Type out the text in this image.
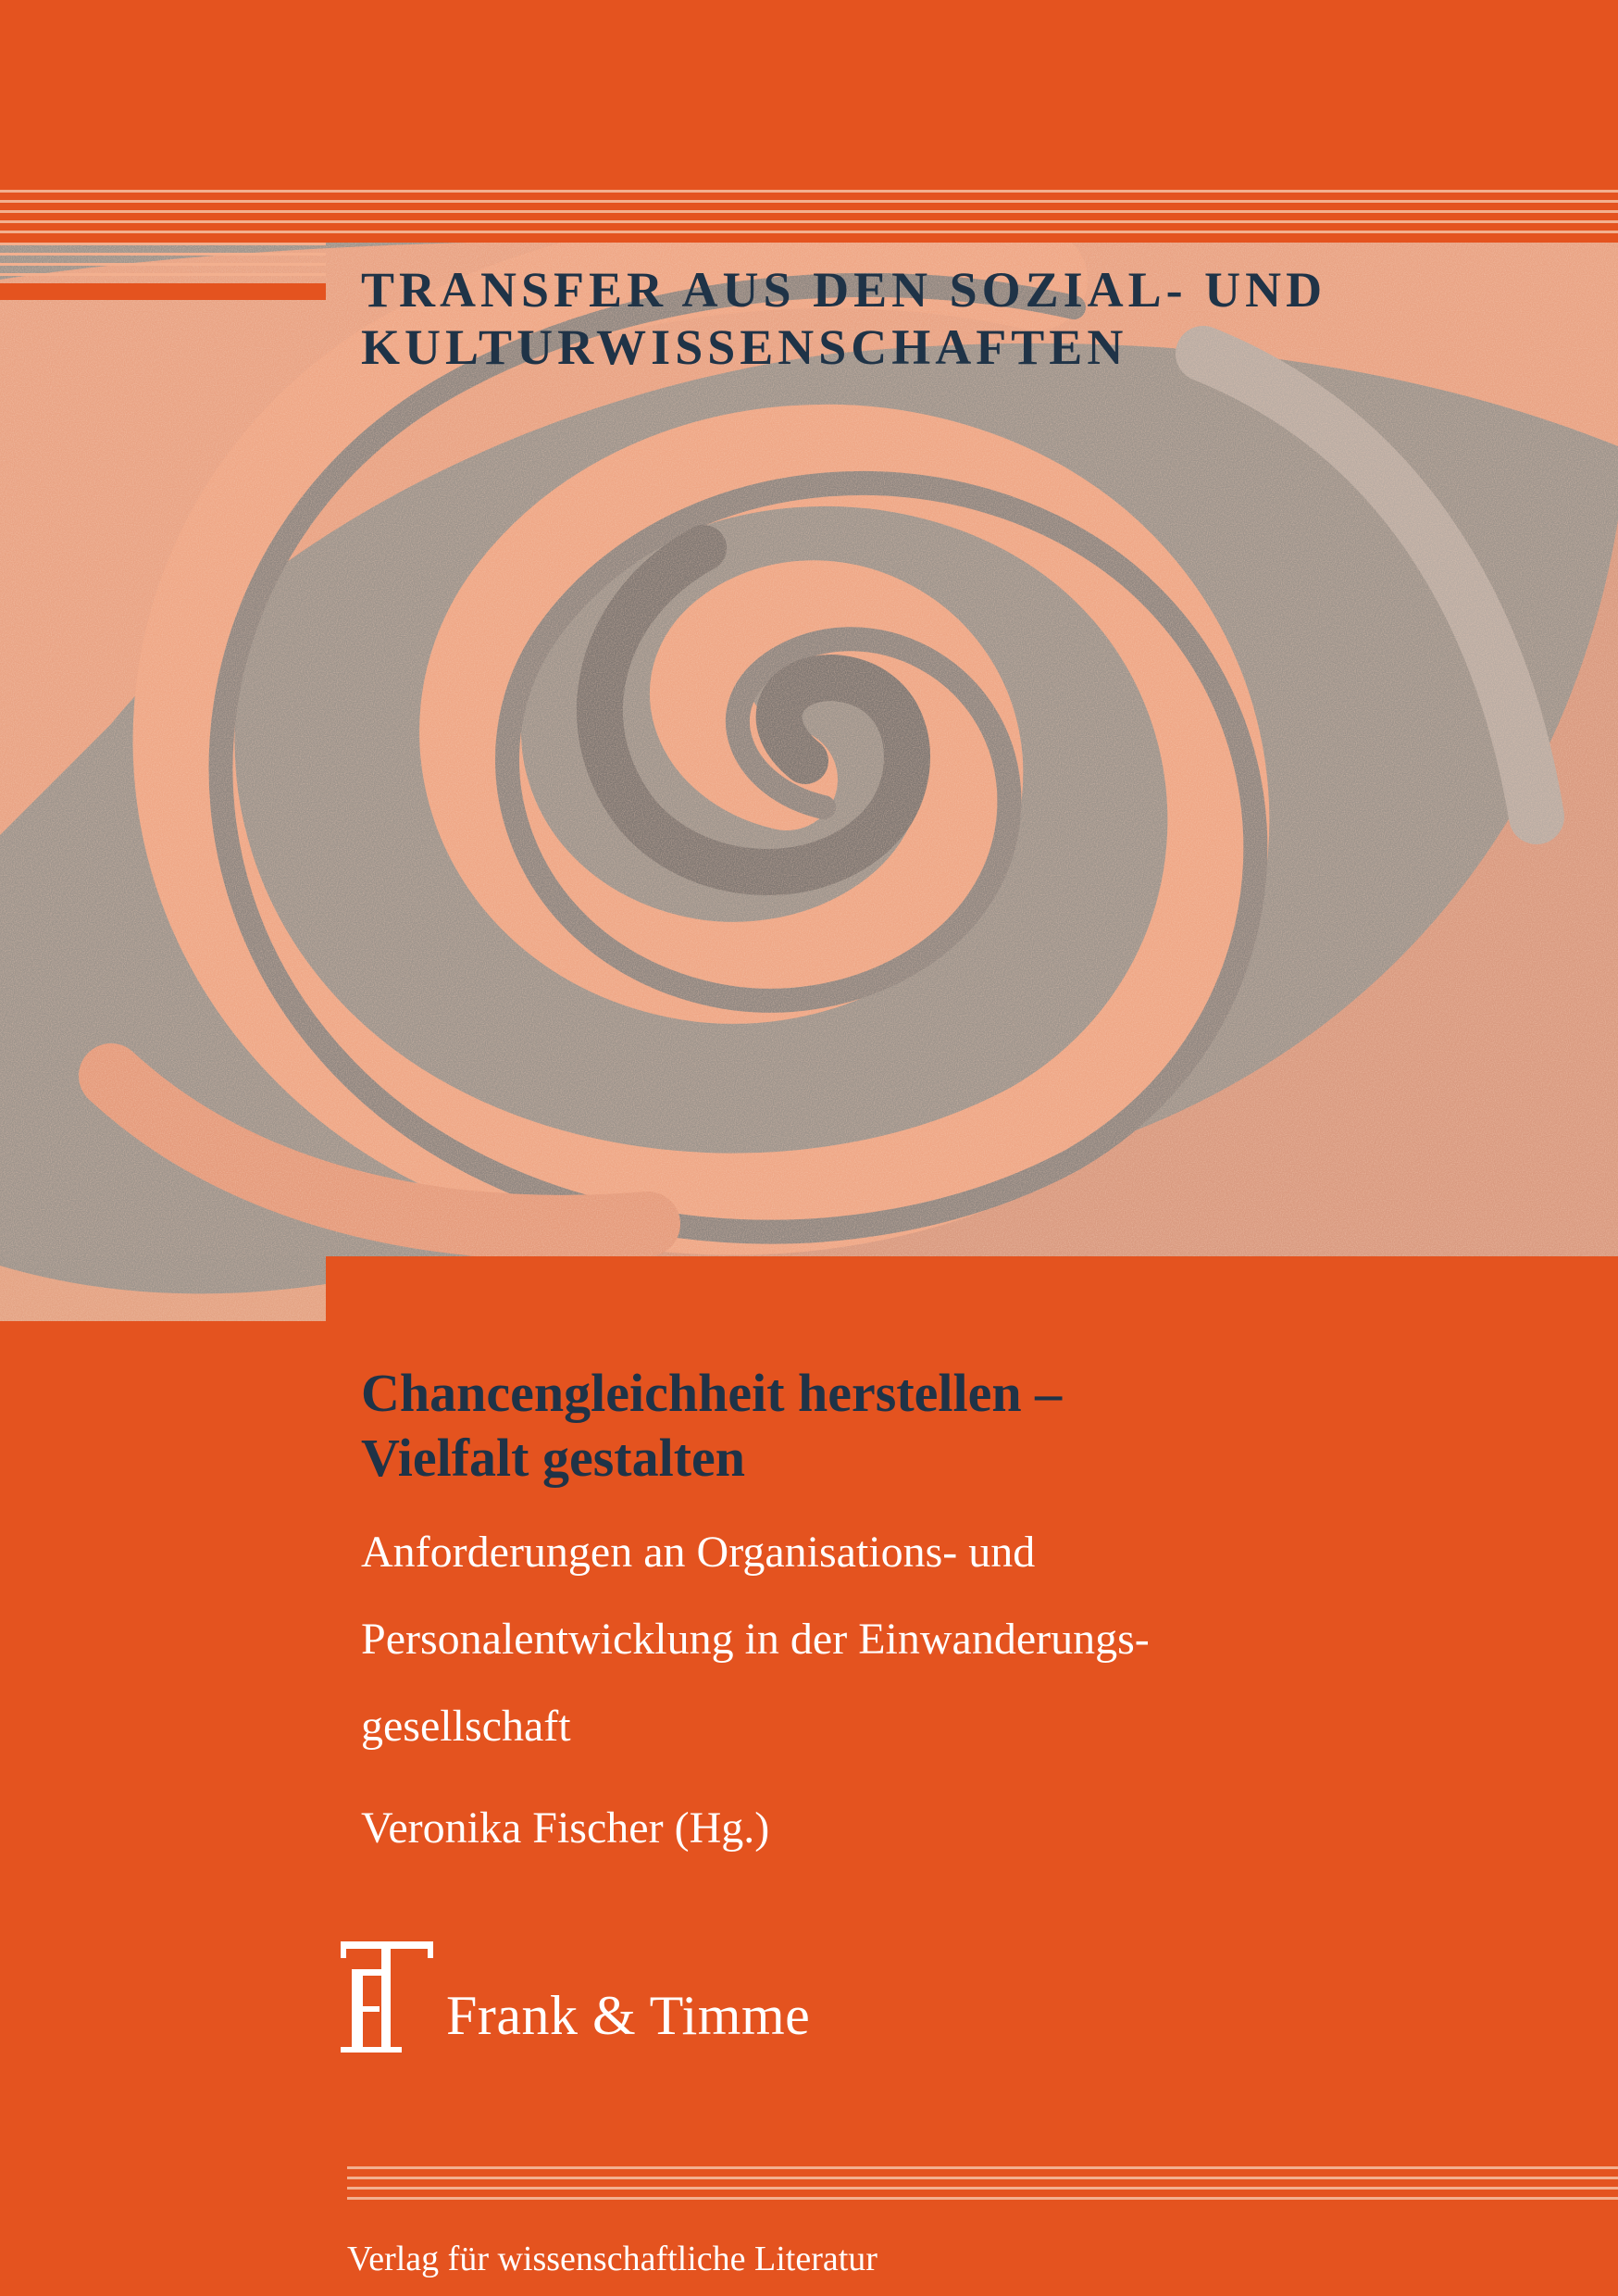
TRANSFER AUS DEN SOZIAL- UND
KULTURWISSENSCHAFTEN
Chancengleichheit herstellen –
Vielfalt gestalten
Anforderungen an Organisations- und
Personalentwicklung in der Einwanderungs-
gesellschaft
Veronika Fischer (Hg.)
Frank & Timme
Verlag für wissenschaftliche Literatur
